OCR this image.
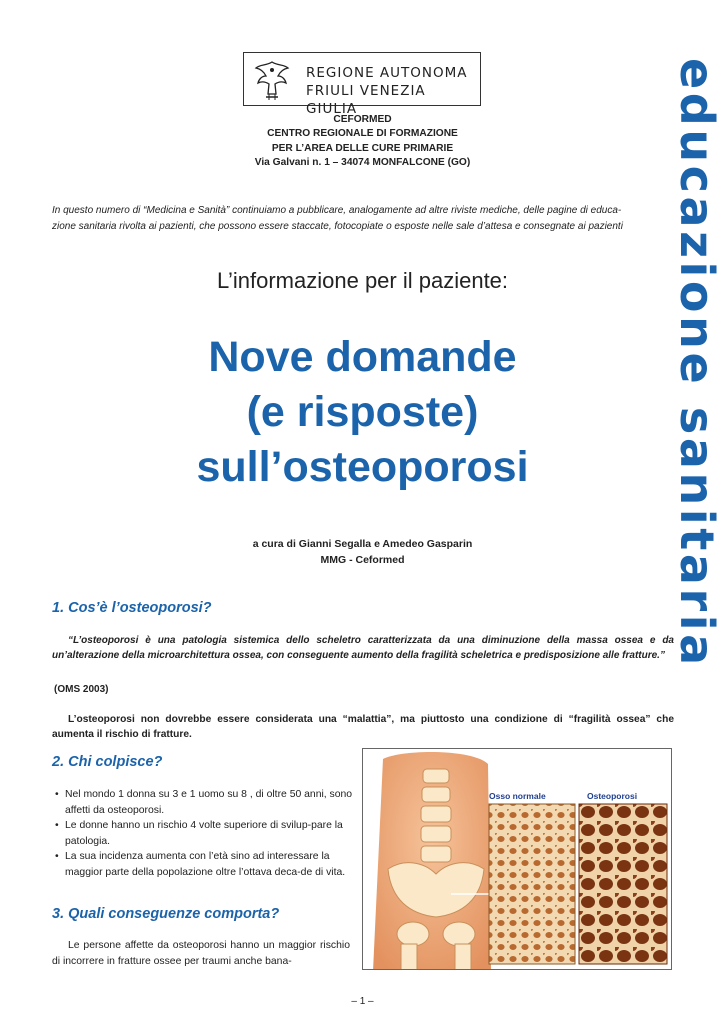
REGIONE AUTONOMA
FRIULI VENEZIA GIULIA
CEFORMED
CENTRO REGIONALE DI FORMAZIONE
PER L’AREA DELLE CURE PRIMARIE
Via Galvani n. 1 – 34074 MONFALCONE (GO)
In questo numero di “Medicina e Sanità” continuiamo a pubblicare, analogamente ad altre riviste mediche, delle pagine di educa-
zione sanitaria rivolta ai pazienti, che possono essere staccate, fotocopiate o esposte nelle sale d’attesa e consegnate ai pazienti
L’informazione per il paziente:
Nove domande
(e risposte)
sull’osteoporosi
a cura di Gianni Segalla e Amedeo Gasparin
MMG - Ceformed
1. Cos’è l’osteoporosi?
“L’osteoporosi è una patologia sistemica dello scheletro caratterizzata da una diminuzione della massa ossea e da un’alterazione della microarchitettura ossea, con conseguente aumento della fragilità scheletrica e predisposizione alle fratture.”
(OMS 2003)
L’osteoporosi non dovrebbe essere considerata una “malattia”, ma piuttosto una condizione di “fragilità ossea” che aumenta il rischio di fratture.
2. Chi colpisce?
• Nel mondo 1 donna su 3 e 1 uomo su 8 , di oltre 50 anni, sono affetti da osteoporosi.
• Le donne hanno un rischio 4 volte superiore di svilup-pare la patologia.
• La sua incidenza aumenta con l’età sino ad interessare la maggior parte della popolazione oltre l’ottava deca-de di vita.
3. Quali conseguenze comporta?
Le persone affette da osteoporosi hanno un maggior rischio di incorrere in fratture ossee per traumi anche bana-
Osso normale	Osteoporosi
educazione sanitaria
– 1 –
